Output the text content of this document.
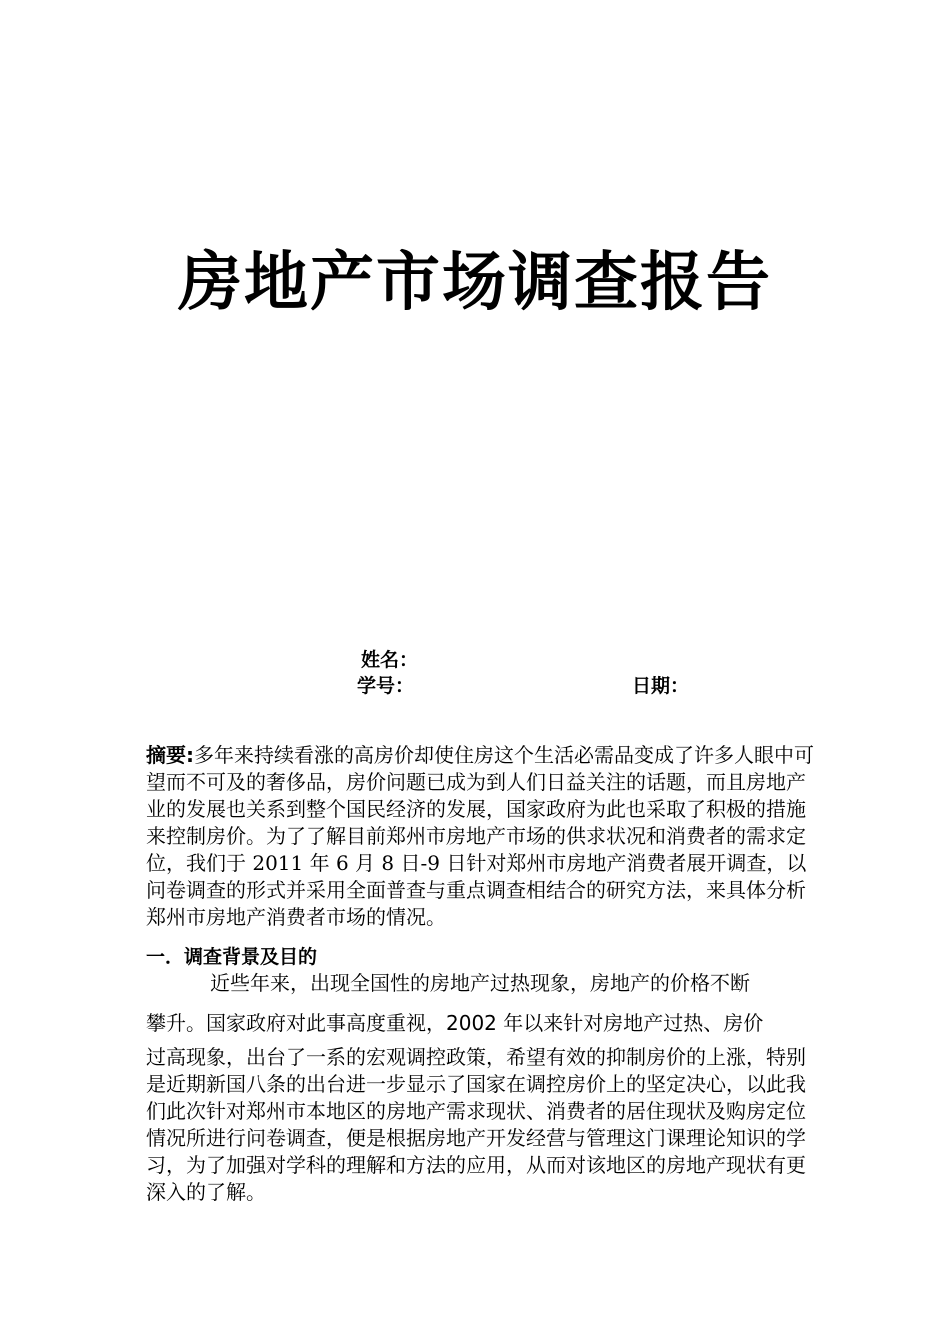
房地产市场调查报告
姓名：
学号：	日期：
摘要:多年来持续看涨的高房价却使住房这个生活必需品变成了许多人眼中可望而不可及的奢侈品，房价问题已成为到人们日益关注的话题，而且房地产业的发展也关系到整个国民经济的发展，国家政府为此也采取了积极的措施来控制房价。为了了解目前郑州市房地产市场的供求状况和消费者的需求定位，我们于 2011 年 6 月 8 日-9 日针对郑州市房地产消费者展开调查，以问卷调查的形式并采用全面普查与重点调查相结合的研究方法，来具体分析郑州市房地产消费者市场的情况。
一．调查背景及目的
近些年来，出现全国性的房地产过热现象，房地产的价格不断
攀升。国家政府对此事高度重视，2002 年以来针对房地产过热、房价
过高现象，出台了一系的宏观调控政策，希望有效的抑制房价的上涨，特别是近期新国八条的出台进一步显示了国家在调控房价上的坚定决心，以此我们此次针对郑州市本地区的房地产需求现状、消费者的居住现状及购房定位情况所进行问卷调查，便是根据房地产开发经营与管理这门课理论知识的学习，为了加强对学科的理解和方法的应用，从而对该地区的房地产现状有更深入的了解。
